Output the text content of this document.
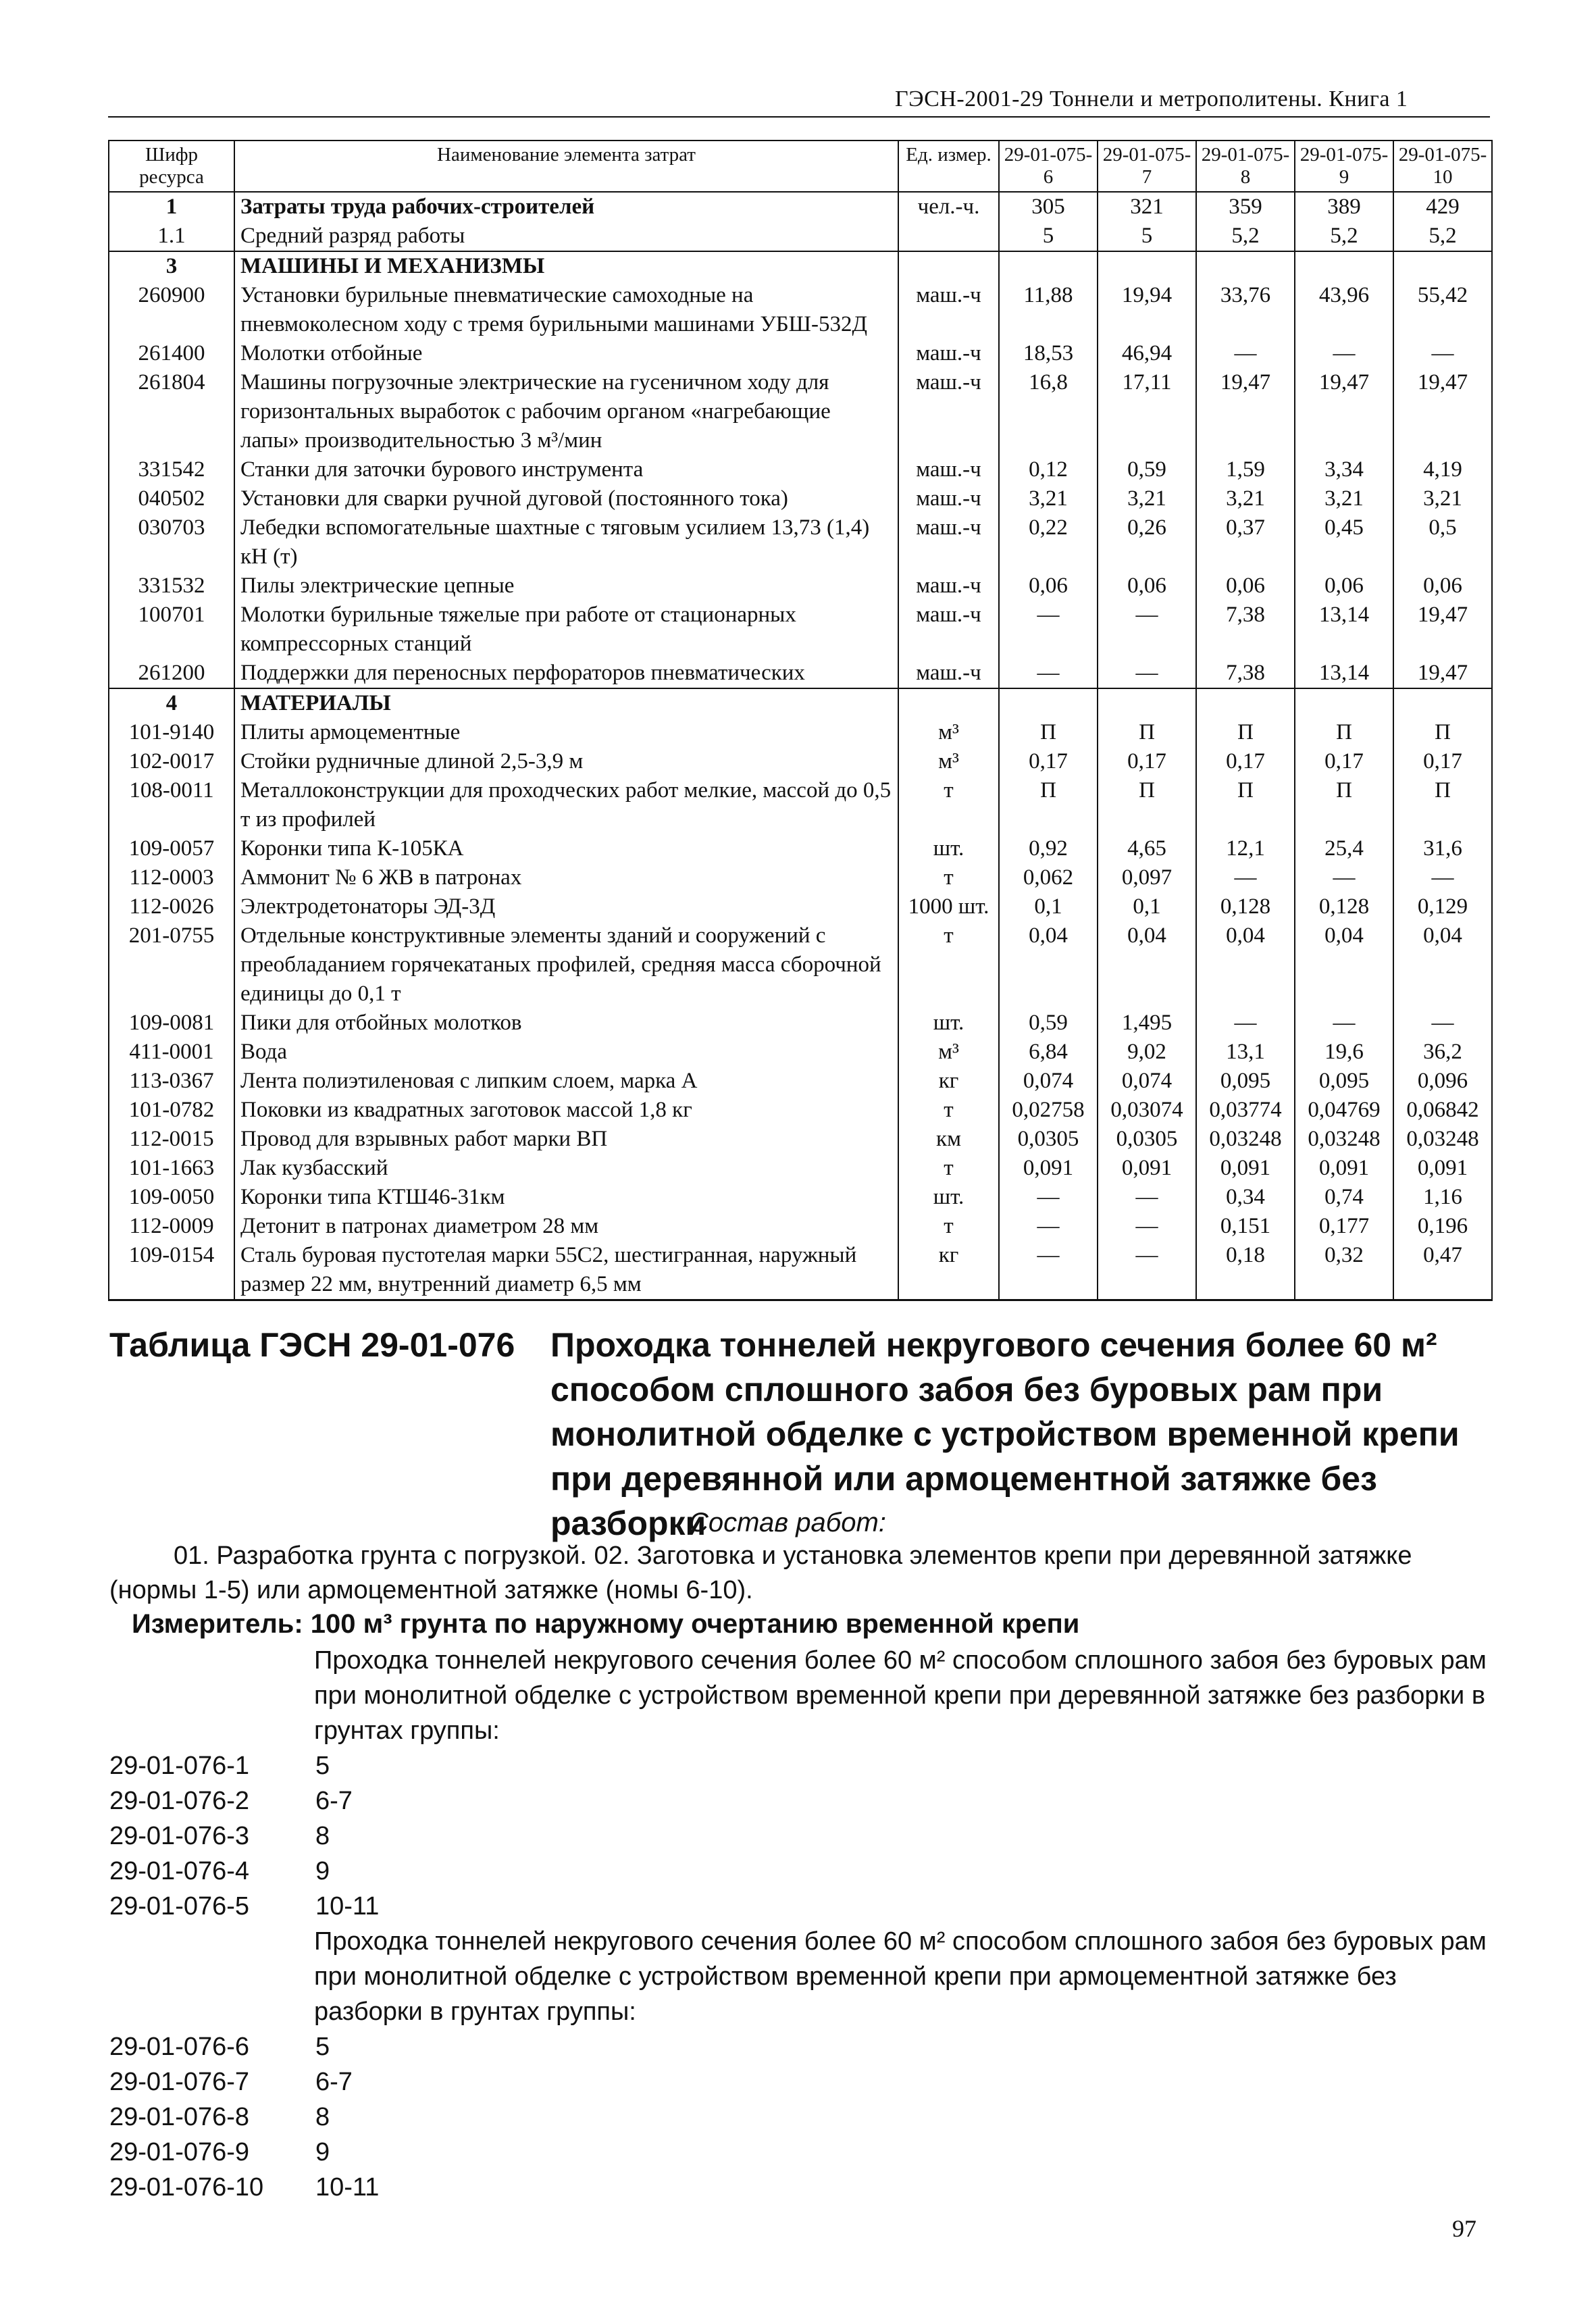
ГЭСН-2001-29 Тоннели и метрополитены. Книга 1
Шифр ресурса	Наименование элемента затрат	Ед. измер.	29-01-075-6	29-01-075-7	29-01-075-8	29-01-075-9	29-01-075-10
1	Затраты труда рабочих-строителей	чел.-ч.	305	321	359	389	429
1.1	Средний разряд работы		5	5	5,2	5,2	5,2
3	МАШИНЫ И МЕХАНИЗМЫ						
260900	Установки бурильные пневматические самоходные на пневмоколесном ходу с тремя бурильными машинами УБШ-532Д	маш.-ч	11,88	19,94	33,76	43,96	55,42
261400	Молотки отбойные	маш.-ч	18,53	46,94	—	—	—
261804	Машины погрузочные электрические на гусеничном ходу для горизонтальных выработок с рабочим органом «нагребающие лапы» производительностью 3 м³/мин	маш.-ч	16,8	17,11	19,47	19,47	19,47
331542	Станки для заточки бурового инструмента	маш.-ч	0,12	0,59	1,59	3,34	4,19
040502	Установки для сварки ручной дуговой (постоянного тока)	маш.-ч	3,21	3,21	3,21	3,21	3,21
030703	Лебедки вспомогательные шахтные с тяговым усилием 13,73 (1,4) кН (т)	маш.-ч	0,22	0,26	0,37	0,45	0,5
331532	Пилы электрические цепные	маш.-ч	0,06	0,06	0,06	0,06	0,06
100701	Молотки бурильные тяжелые при работе от стационарных компрессорных станций	маш.-ч	—	—	7,38	13,14	19,47
261200	Поддержки для переносных перфораторов пневматических	маш.-ч	—	—	7,38	13,14	19,47
4	МАТЕРИАЛЫ						
101-9140	Плиты армоцементные	м³	П	П	П	П	П
102-0017	Стойки рудничные длиной 2,5-3,9 м	м³	0,17	0,17	0,17	0,17	0,17
108-0011	Металлоконструкции для проходческих работ мелкие, массой до 0,5 т из профилей	т	П	П	П	П	П
109-0057	Коронки типа К-105КА	шт.	0,92	4,65	12,1	25,4	31,6
112-0003	Аммонит № 6 ЖВ в патронах	т	0,062	0,097	—	—	—
112-0026	Электродетонаторы ЭД-3Д	1000 шт.	0,1	0,1	0,128	0,128	0,129
201-0755	Отдельные конструктивные элементы зданий и сооружений с преобладанием горячекатаных профилей, средняя масса сборочной единицы до 0,1 т	т	0,04	0,04	0,04	0,04	0,04
109-0081	Пики для отбойных молотков	шт.	0,59	1,495	—	—	—
411-0001	Вода	м³	6,84	9,02	13,1	19,6	36,2
113-0367	Лента полиэтиленовая с липким слоем, марка А	кг	0,074	0,074	0,095	0,095	0,096
101-0782	Поковки из квадратных заготовок массой 1,8 кг	т	0,02758	0,03074	0,03774	0,04769	0,06842
112-0015	Провод для взрывных работ марки ВП	км	0,0305	0,0305	0,03248	0,03248	0,03248
101-1663	Лак кузбасский	т	0,091	0,091	0,091	0,091	0,091
109-0050	Коронки типа КТШ46-31км	шт.	—	—	0,34	0,74	1,16
112-0009	Детонит в патронах диаметром 28 мм	т	—	—	0,151	0,177	0,196
109-0154	Сталь буровая пустотелая марки 55С2, шестигранная, наружный размер 22 мм, внутренний диаметр 6,5 мм	кг	—	—	0,18	0,32	0,47
Таблица ГЭСН 29-01-076 Проходка тоннелей некругового сечения более 60 м² способом сплошного забоя без буровых рам при монолитной обделке с устройством временной крепи при деревянной или армоцементной затяжке без разборки
Состав работ:
01. Разработка грунта с погрузкой. 02. Заготовка и установка элементов крепи при деревянной затяжке (нормы 1-5) или армоцементной затяжке (номы 6-10).
Измеритель: 100 м³ грунта по наружному очертанию временной крепи
Проходка тоннелей некругового сечения более 60 м² способом сплошного забоя без буровых рам при монолитной обделке с устройством временной крепи при деревянной затяжке без разборки в грунтах группы:
29-01-076-1	5
29-01-076-2	6-7
29-01-076-3	8
29-01-076-4	9
29-01-076-5	10-11
Проходка тоннелей некругового сечения более 60 м² способом сплошного забоя без буровых рам при монолитной обделке с устройством временной крепи при армоцементной затяжке без разборки в грунтах группы:
29-01-076-6	5
29-01-076-7	6-7
29-01-076-8	8
29-01-076-9	9
29-01-076-10 10-11
97
